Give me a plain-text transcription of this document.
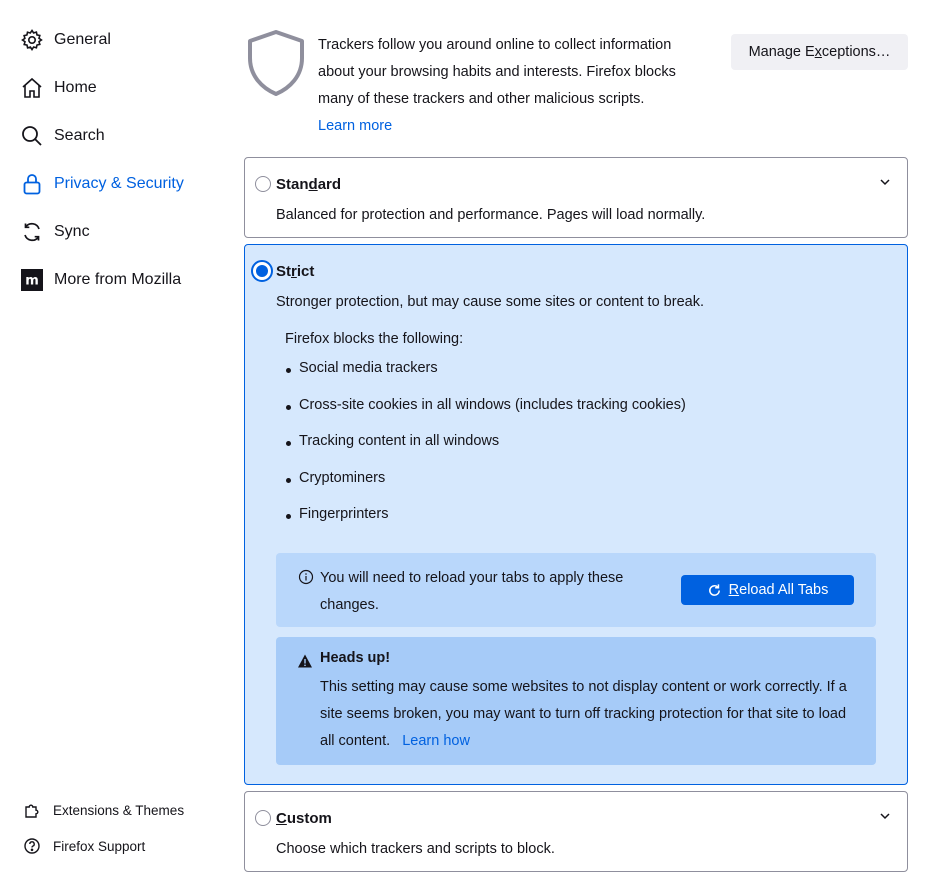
General
Home
Search
Privacy & Security
Sync
m More from Mozilla
Extensions & Themes
Firefox Support
Trackers follow you around online to collect information about your browsing habits and interests. Firefox blocks many of these trackers and other malicious scripts.
Learn more
Manage E x ceptions…
Standard
Balanced for protection and performance. Pages will load normally.
Strict
Stronger protection, but may cause some sites or content to break.
Firefox blocks the following:
Social media trackers
Cross-site cookies in all windows (includes tracking cookies)
Tracking content in all windows
Cryptominers
Fingerprinters
You will need to reload your tabs to apply these changes.
R eload All Tabs
Heads up!
This setting may cause some websites to not display content or work correctly. If a site seems broken, you may want to turn off tracking protection for that site to load all content. Learn how
Custom
Choose which trackers and scripts to block.
